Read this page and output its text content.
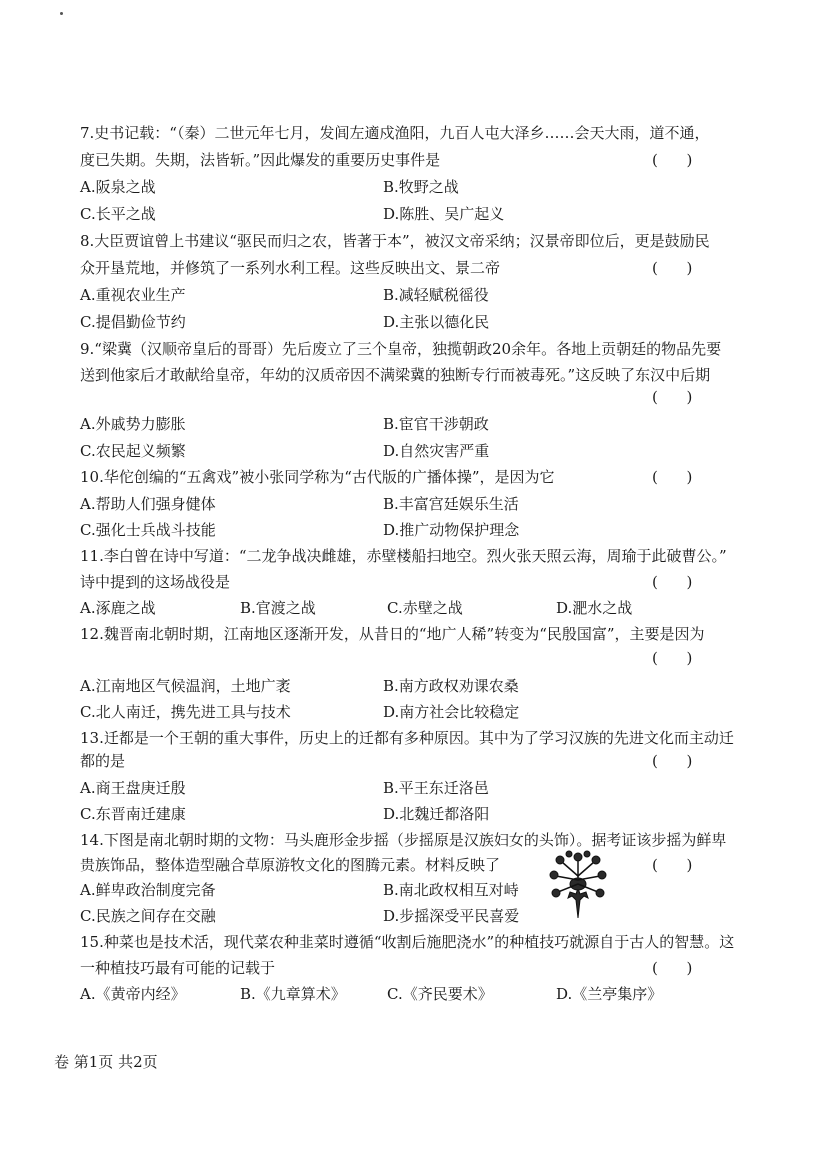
7.史书记载：“（秦）二世元年七月，发闾左適戍渔阳，九百人屯大泽乡……会天大雨，道不通，
度已失期。失期，法皆斩。”因此爆发的重要历史事件是	(      )
A.阪泉之战	B.牧野之战
C.长平之战	D.陈胜、吴广起义
8.大臣贾谊曾上书建议“驱民而归之农，皆著于本”，被汉文帝采纳；汉景帝即位后，更是鼓励民
众开垦荒地，并修筑了一系列水利工程。这些反映出文、景二帝	(      )
A.重视农业生产	B.减轻赋税徭役
C.提倡勤俭节约	D.主张以德化民
9.“梁冀（汉顺帝皇后的哥哥）先后废立了三个皇帝，独揽朝政20余年。各地上贡朝廷的物品先要
送到他家后才敢献给皇帝，年幼的汉质帝因不满梁冀的独断专行而被毒死。”这反映了东汉中后期
(      )
A.外戚势力膨胀	B.宦官干涉朝政
C.农民起义频繁	D.自然灾害严重
10.华佗创编的“五禽戏”被小张同学称为“古代版的广播体操”，是因为它	(      )
A.帮助人们强身健体	B.丰富宫廷娱乐生活
C.强化士兵战斗技能	D.推广动物保护理念
11.李白曾在诗中写道：“二龙争战决雌雄，赤壁楼船扫地空。烈火张天照云海，周瑜于此破曹公。”
诗中提到的这场战役是	(      )
A.涿鹿之战	B.官渡之战	C.赤壁之战	D.淝水之战
12.魏晋南北朝时期，江南地区逐渐开发，从昔日的“地广人稀”转变为“民殷国富”，主要是因为
(      )
A.江南地区气候温润，土地广袤	B.南方政权劝课农桑
C.北人南迁，携先进工具与技术	D.南方社会比较稳定
13.迁都是一个王朝的重大事件，历史上的迁都有多种原因。其中为了学习汉族的先进文化而主动迁
都的是	(      )
A.商王盘庚迁殷	B.平王东迁洛邑
C.东晋南迁建康	D.北魏迁都洛阳
14.下图是南北朝时期的文物：马头鹿形金步摇（步摇原是汉族妇女的头饰）。据考证该步摇为鲜卑
贵族饰品，整体造型融合草原游牧文化的图腾元素。材料反映了	(      )
A.鲜卑政治制度完备	B.南北政权相互对峙
C.民族之间存在交融	D.步摇深受平民喜爱
15.种菜也是技术活，现代菜农种韭菜时遵循“收割后施肥浇水”的种植技巧就源自于古人的智慧。这
一种植技巧最有可能的记载于	(      )
A.《黄帝内经》	B.《九章算术》	C.《齐民要术》	D.《兰亭集序》
卷 第1页 共2页
